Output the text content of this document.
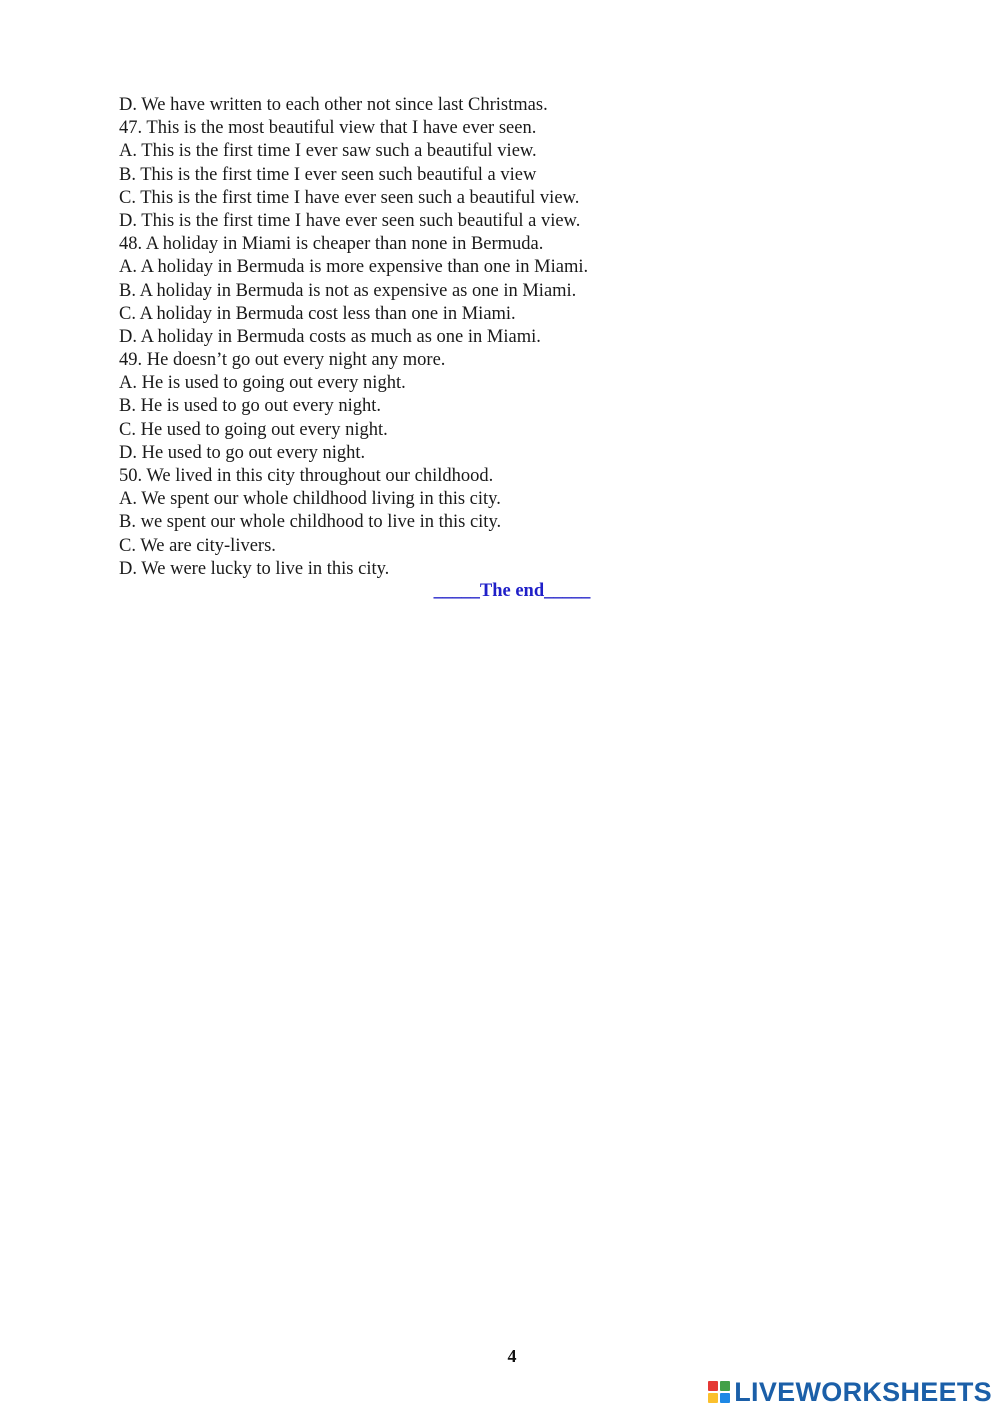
D. We have written to each other not since last Christmas.
47. This is the most beautiful view that I have ever seen.
A. This is the first time I ever saw such a beautiful view.
B. This is the first time I ever seen such beautiful a view
C. This is the first time I have ever seen such a beautiful view.
D. This is the first time I have ever seen such beautiful a view.
48. A holiday in Miami is cheaper than none in Bermuda.
A. A holiday in Bermuda is more expensive than one in Miami.
B. A holiday in Bermuda is not as expensive as one in Miami.
C. A holiday in Bermuda cost less than one in Miami.
D. A holiday in Bermuda costs as much as one in Miami.
49. He doesn’t go out every night any more.
A. He is used to going out every night.
B. He is used to go out every night.
C. He used to going out every night.
D. He used to go out every night.
50. We lived in this city throughout our childhood.
A. We spent our whole childhood living in this city.
B. we spent our whole childhood to live in this city.
C. We are city-livers.
D. We were lucky to live in this city.
_____The end_____
4
LIVEWORKSHEETS
